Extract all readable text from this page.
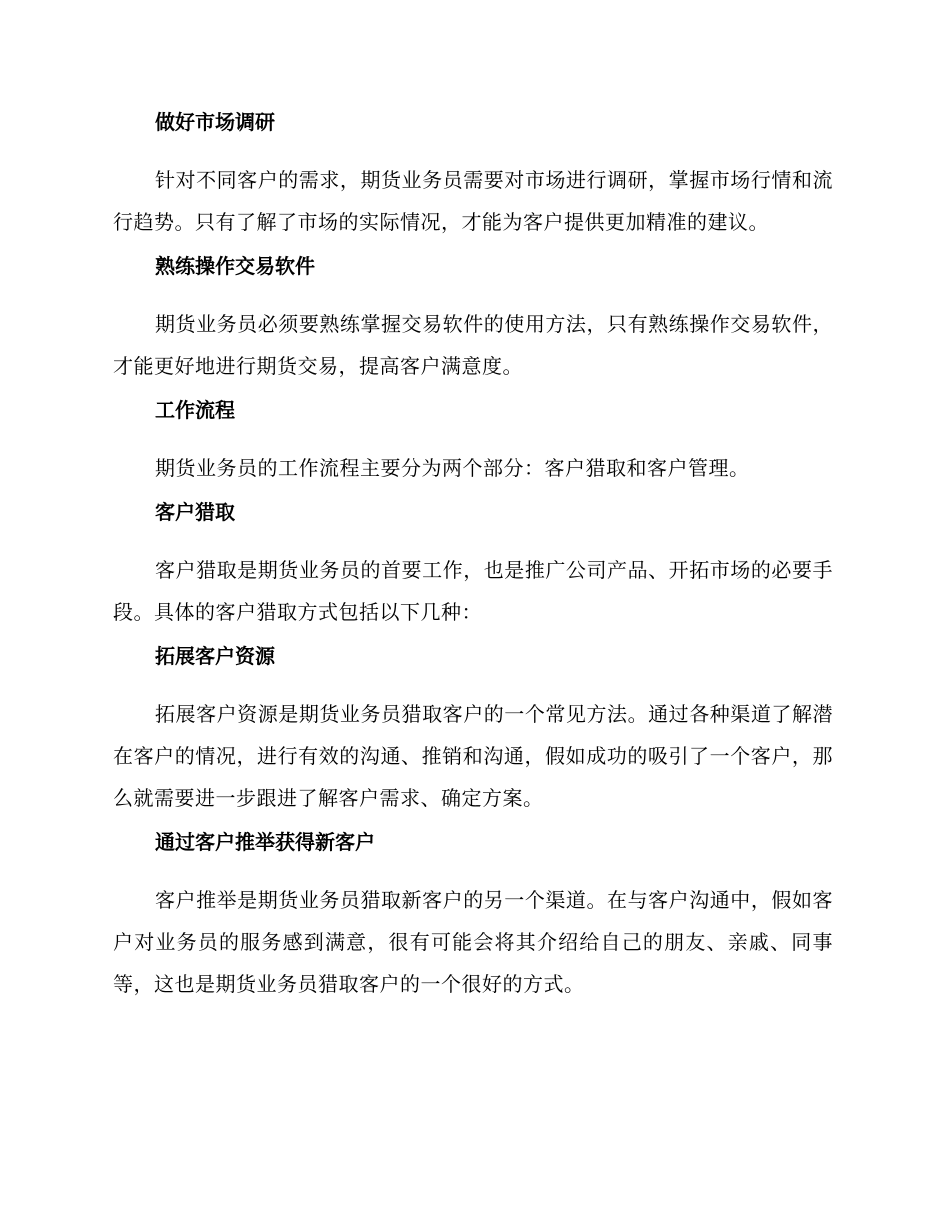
做好市场调研

针对不同客户的需求，期货业务员需要对市场进行调研，掌握市场行情和流行趋势。只有了解了市场的实际情况，才能为客户提供更加精准的建议。

熟练操作交易软件

期货业务员必须要熟练掌握交易软件的使用方法，只有熟练操作交易软件，才能更好地进行期货交易，提高客户满意度。

工作流程

期货业务员的工作流程主要分为两个部分：客户猎取和客户管理。

客户猎取

客户猎取是期货业务员的首要工作，也是推广公司产品、开拓市场的必要手段。具体的客户猎取方式包括以下几种：

拓展客户资源

拓展客户资源是期货业务员猎取客户的一个常见方法。通过各种渠道了解潜在客户的情况，进行有效的沟通、推销和沟通，假如成功的吸引了一个客户，那么就需要进一步跟进了解客户需求、确定方案。

通过客户推举获得新客户

客户推举是期货业务员猎取新客户的另一个渠道。在与客户沟通中，假如客户对业务员的服务感到满意，很有可能会将其介绍给自己的朋友、亲戚、同事等，这也是期货业务员猎取客户的一个很好的方式。
